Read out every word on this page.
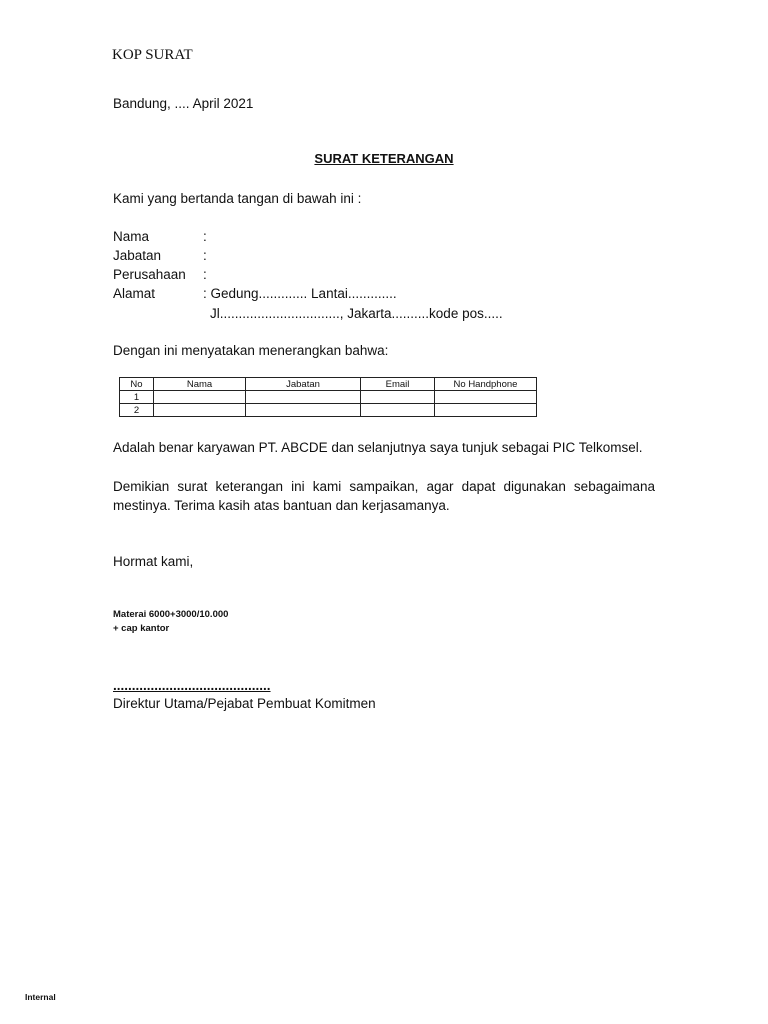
KOP SURAT
Bandung, .... April 2021
SURAT KETERANGAN
Kami yang bertanda tangan di bawah ini :
Nama	:
Jabatan	:
Perusahaan :
Alamat	: Gedung............. Lantai.............
Jl................................, Jakarta..........kode pos.....
Dengan ini menyatakan menerangkan bahwa:
No	Nama	Jabatan	Email	No Handphone
1				
2				
Adalah benar karyawan PT. ABCDE dan selanjutnya saya tunjuk sebagai PIC Telkomsel.
Demikian surat keterangan ini kami sampaikan, agar dapat digunakan sebagaimana mestinya. Terima kasih atas bantuan dan kerjasamanya.
Hormat kami,
Materai 6000+3000/10.000
+ cap kantor
..........................................
Direktur Utama/Pejabat Pembuat Komitmen
Internal
